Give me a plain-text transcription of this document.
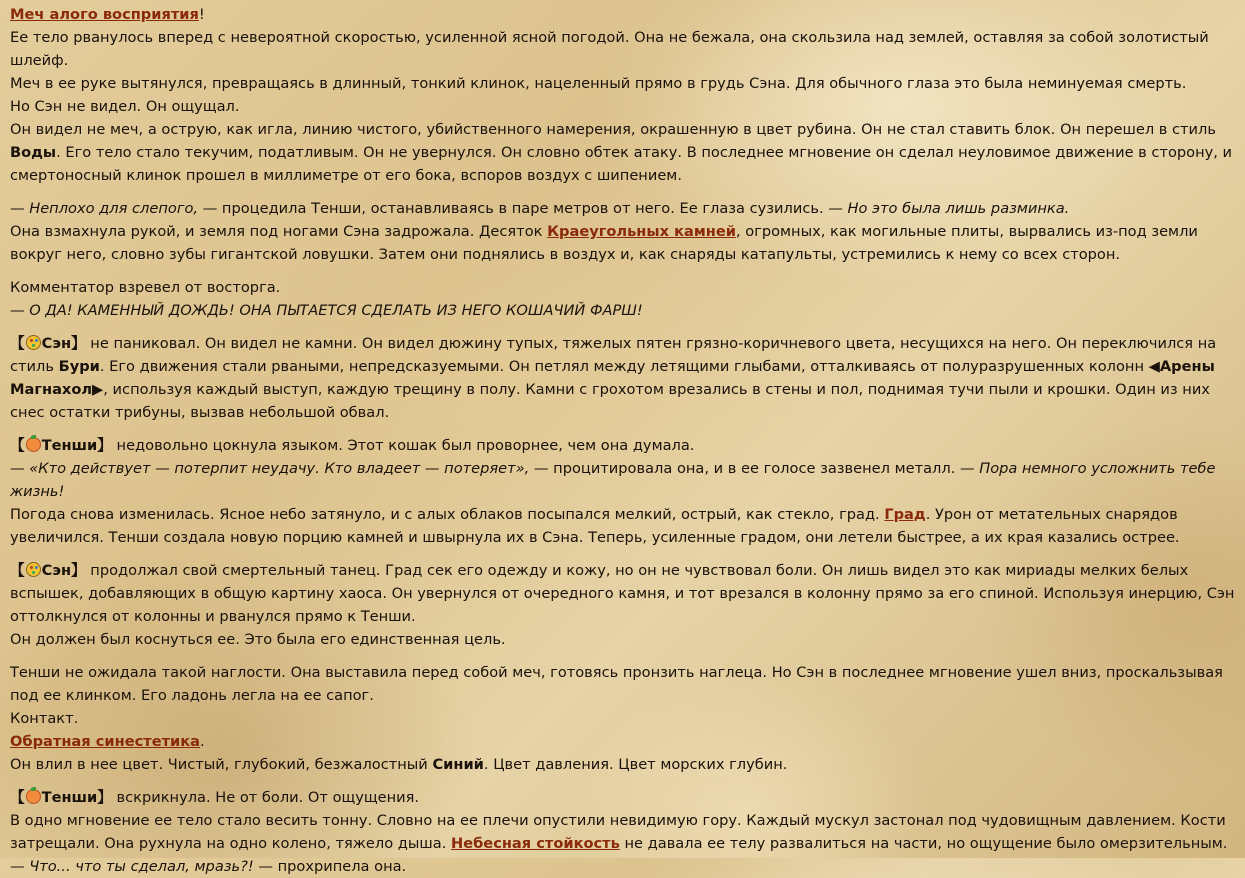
Меч алого восприятия!

Ее тело рванулось вперед с невероятной скоростью, усиленной ясной погодой. Она не бежала, она скользила над землей, оставляя за собой золотистый шлейф.

Меч в ее руке вытянулся, превращаясь в длинный, тонкий клинок, нацеленный прямо в грудь Сэна. Для обычного глаза это была неминуемая смерть.

Но Сэн не видел. Он ощущал.

Он видел не меч, а острую, как игла, линию чистого, убийственного намерения, окрашенную в цвет рубина. Он не стал ставить блок. Он перешел в стиль Воды. Его тело стало текучим, податливым. Он не увернулся. Он словно обтек атаку. В последнее мгновение он сделал неуловимое движение в сторону, и смертоносный клинок прошел в миллиметре от его бока, вспоров воздух с шипением.

— Неплохо для слепого, — процедила Тенши, останавливаясь в паре метров от него. Ее глаза сузились. — Но это была лишь разминка.

Она взмахнула рукой, и земля под ногами Сэна задрожала. Десяток Краеугольных камней, огромных, как могильные плиты, вырвались из-под земли вокруг него, словно зубы гигантской ловушки. Затем они поднялись в воздух и, как снаряды катапульты, устремились к нему со всех сторон.

Комментатор взревел от восторга.

— О ДА! КАМЕННЫЙ ДОЖДЬ! ОНА ПЫТАЕТСЯ СДЕЛАТЬ ИЗ НЕГО КОШАЧИЙ ФАРШ!

【 Сэн】 не паниковал. Он видел не камни. Он видел дюжину тупых, тяжелых пятен грязно-коричневого цвета, несущихся на него. Он переключился на стиль Бури. Его движения стали рваными, непредсказуемыми. Он петлял между летящими глыбами, отталкиваясь от полуразрушенных колонн ◀Арены Магнахол▶, используя каждый выступ, каждую трещину в полу. Камни с грохотом врезались в стены и пол, поднимая тучи пыли и крошки. Один из них снес остатки трибуны, вызвав небольшой обвал.

【 Тенши】 недовольно цокнула языком. Этот кошак был проворнее, чем она думала.

— «Кто действует — потерпит неудачу. Кто владеет — потеряет», — процитировала она, и в ее голосе зазвенел металл. — Пора немного усложнить тебе жизнь!

Погода снова изменилась. Ясное небо затянуло, и с алых облаков посыпался мелкий, острый, как стекло, град. Град. Урон от метательных снарядов увеличился. Тенши создала новую порцию камней и швырнула их в Сэна. Теперь, усиленные градом, они летели быстрее, а их края казались острее.

【 Сэн】 продолжал свой смертельный танец. Град сек его одежду и кожу, но он не чувствовал боли. Он лишь видел это как мириады мелких белых вспышек, добавляющих в общую картину хаоса. Он увернулся от очередного камня, и тот врезался в колонну прямо за его спиной. Используя инерцию, Сэн оттолкнулся от колонны и рванулся прямо к Тенши.

Он должен был коснуться ее. Это была его единственная цель.

Тенши не ожидала такой наглости. Она выставила перед собой меч, готовясь пронзить наглеца. Но Сэн в последнее мгновение ушел вниз, проскальзывая под ее клинком. Его ладонь легла на ее сапог.

Контакт.

Обратная синестетика.

Он влил в нее цвет. Чистый, глубокий, безжалостный Синий. Цвет давления. Цвет морских глубин.

【 Тенши】 вскрикнула. Не от боли. От ощущения.

В одно мгновение ее тело стало весить тонну. Словно на ее плечи опустили невидимую гору. Каждый мускул застонал под чудовищным давлением. Кости затрещали. Она рухнула на одно колено, тяжело дыша. Небесная стойкость не давала ее телу развалиться на части, но ощущение было омерзительным.

— Что... что ты сделал, мразь?! — прохрипела она.
